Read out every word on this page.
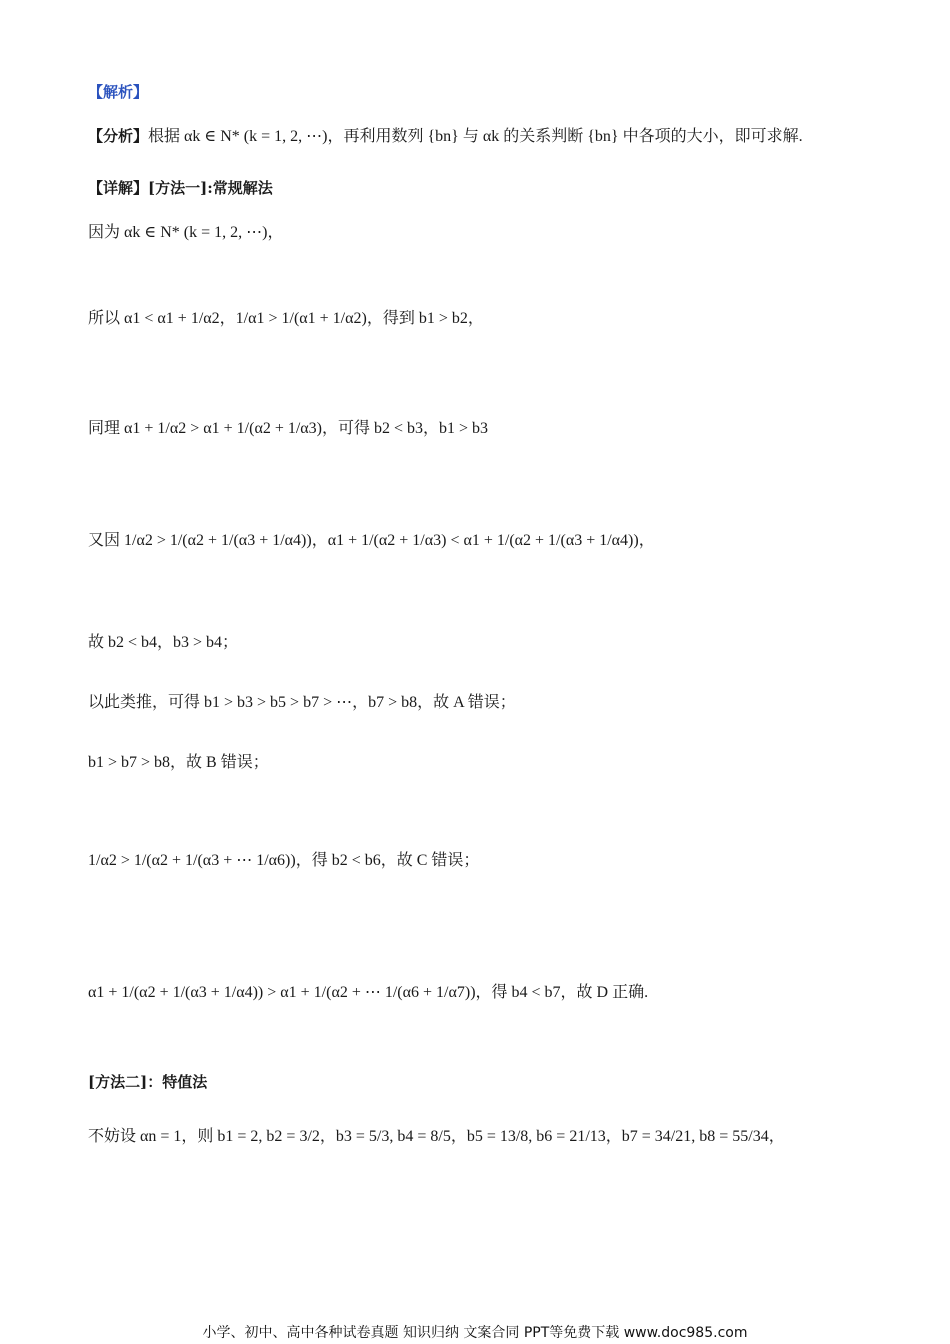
【解析】
【分析】根据 αk ∈ N* (k = 1, 2, ⋯)，再利用数列 {bn} 与 αk 的关系判断 {bn} 中各项的大小，即可求解.
【详解】[方法一]:常规解法
因为 αk ∈ N* (k = 1, 2, ⋯)，
所以 α1 < α1 + 1/α2，1/α1 > 1/(α1 + 1/α2)，得到 b1 > b2，
同理 α1 + 1/α2 > α1 + 1/(α2 + 1/α3)，可得 b2 < b3，b1 > b3
又因 1/α2 > 1/(α2 + 1/(α3 + 1/α4))，α1 + 1/(α2 + 1/α3) < α1 + 1/(α2 + 1/(α3 + 1/α4))，
故 b2 < b4，b3 > b4；
以此类推，可得 b1 > b3 > b5 > b7 > ⋯，b7 > b8，故 A 错误；
b1 > b7 > b8，故 B 错误；
1/α2 > 1/(α2 + 1/(α3 + ⋯ 1/α6))，得 b2 < b6，故 C 错误；
α1 + 1/(α2 + 1/(α3 + 1/α4)) > α1 + 1/(α2 + ⋯ 1/(α6 + 1/α7))，得 b4 < b7，故 D 正确.
[方法二]：特值法
不妨设 αn = 1，则 b1 = 2, b2 = 3/2，b3 = 5/3, b4 = 8/5，b5 = 13/8, b6 = 21/13，b7 = 34/21, b8 = 55/34，
小学、初中、高中各种试卷真题 知识归纳 文案合同 PPT等免费下载 www.doc985.com
